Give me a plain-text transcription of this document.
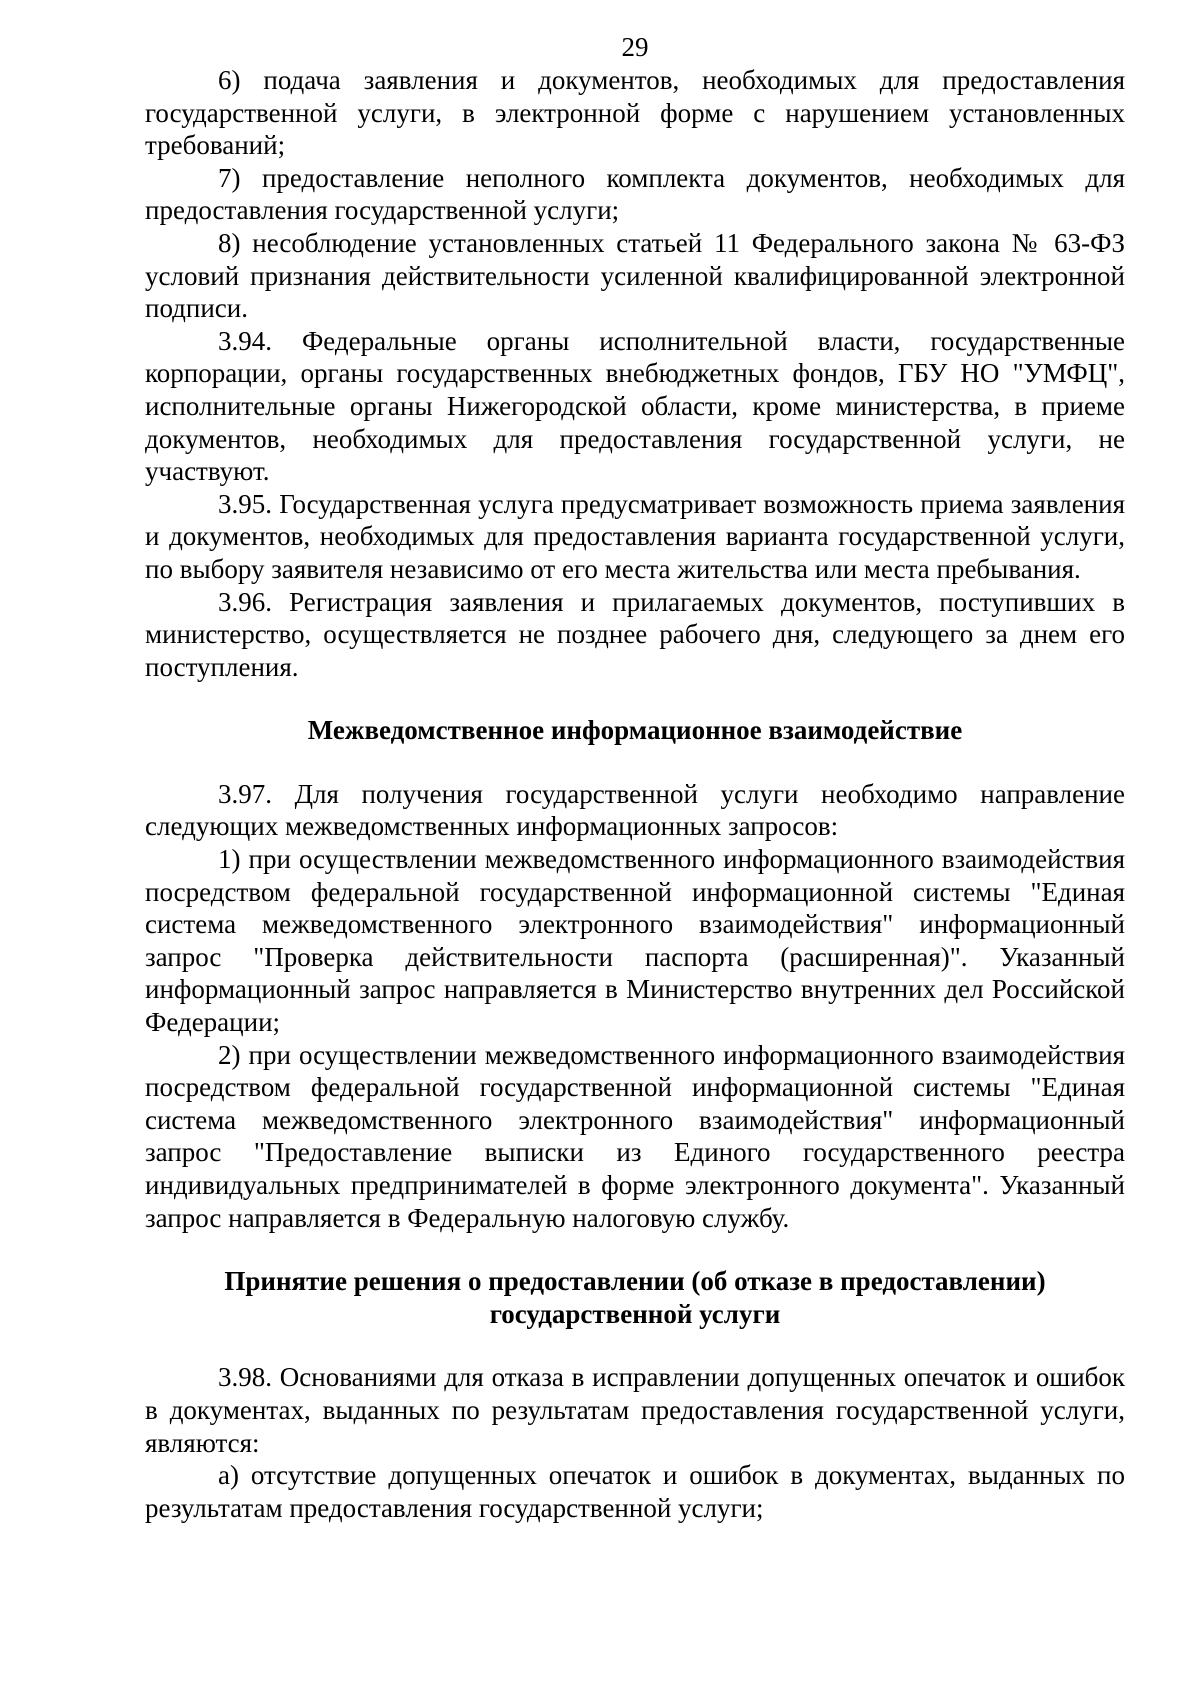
29

6) подача заявления и документов, необходимых для предоставления государственной услуги, в электронной форме с нарушением установленных требований;

7) предоставление неполного комплекта документов, необходимых для предоставления государственной услуги;

8) несоблюдение установленных статьей 11 Федерального закона № 63-ФЗ условий признания действительности усиленной квалифицированной электронной подписи.

3.94. Федеральные органы исполнительной власти, государственные корпорации, органы государственных внебюджетных фондов, ГБУ НО "УМФЦ", исполнительные органы Нижегородской области, кроме министерства, в приеме документов, необходимых для предоставления государственной услуги, не участвуют.

3.95. Государственная услуга предусматривает возможность приема заявления и документов, необходимых для предоставления варианта государственной услуги, по выбору заявителя независимо от его места жительства или места пребывания.

3.96. Регистрация заявления и прилагаемых документов, поступивших в министерство, осуществляется не позднее рабочего дня, следующего за днем его поступления.

Межведомственное информационное взаимодействие

3.97. Для получения государственной услуги необходимо направление следующих межведомственных информационных запросов:

1) при осуществлении межведомственного информационного взаимодействия посредством федеральной государственной информационной системы "Единая система межведомственного электронного взаимодействия" информационный запрос "Проверка действительности паспорта (расширенная)". Указанный информационный запрос направляется в Министерство внутренних дел Российской Федерации;

2) при осуществлении межведомственного информационного взаимодействия посредством федеральной государственной информационной системы "Единая система межведомственного электронного взаимодействия" информационный запрос "Предоставление выписки из Единого государственного реестра индивидуальных предпринимателей в форме электронного документа". Указанный запрос направляется в Федеральную налоговую службу.

Принятие решения о предоставлении (об отказе в предоставлении)

государственной услуги

3.98. Основаниями для отказа в исправлении допущенных опечаток и ошибок в документах, выданных по результатам предоставления государственной услуги, являются:

а) отсутствие допущенных опечаток и ошибок в документах, выданных по результатам предоставления государственной услуги;
